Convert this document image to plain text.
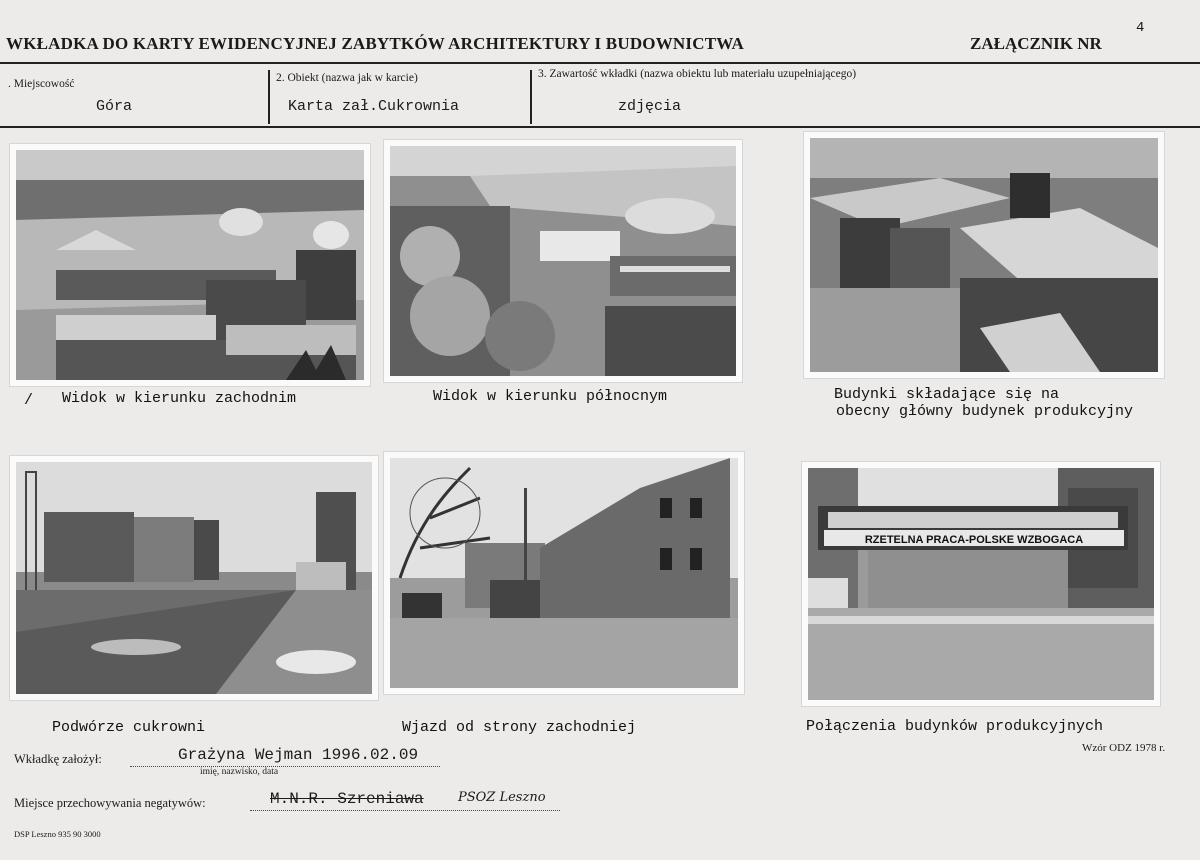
WKŁADKA DO KARTY EWIDENCYJNEJ ZABYTKÓW ARCHITEKTURY I BUDOWNICTWA	ZAŁĄCZNIK NR
4
. Miejscowość
Góra
2. Obiekt (nazwa jak w karcie)
Karta zał.Cukrownia
3. Zawartość wkładki (nazwa obiektu lub materiału uzupełniającego)
zdjęcia
/ Widok w kierunku zachodnim	Widok w kierunku północnym	Budynki składające się na
obecny główny budynek produkcyjny
Podwórze cukrowni	Wjazd od strony zachodniej
RZETELNA PRACA-POLSKE WZBOGACA
Połączenia budynków produkcyjnych
Wkładkę założył:	Grażyna Wejman 1996.02.09
imię, nazwisko, data
Wzór ODZ 1978 r.
Miejsce przechowywania negatywów:	M.N.R. Szreniawa	PSOZ Leszno
DSP Leszno 935 90 3000
